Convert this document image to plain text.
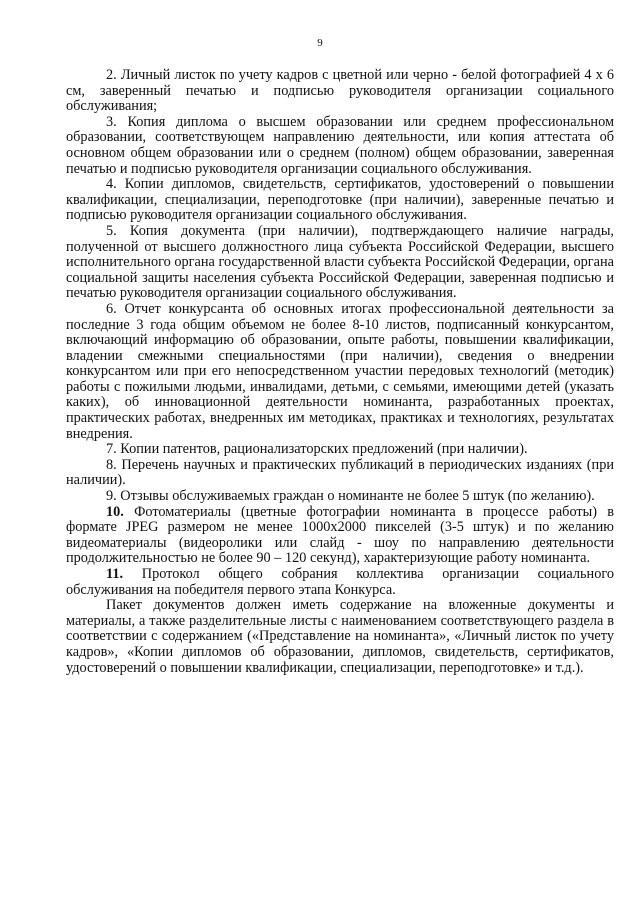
9

2. Личный листок по учету кадров с цветной или черно - белой фотографией 4 х 6 см, заверенный печатью и подписью руководителя организации социального обслуживания;

3. Копия диплома о высшем образовании или среднем профессиональном образовании, соответствующем направлению деятельности, или копия аттестата об основном общем образовании или о среднем (полном) общем образовании, заверенная печатью и подписью руководителя организации социального обслуживания.

4. Копии дипломов, свидетельств, сертификатов, удостоверений о повышении квалификации, специализации, переподготовке (при наличии), заверенные печатью и подписью руководителя организации социального обслуживания.

5. Копия документа (при наличии), подтверждающего наличие награды, полученной от высшего должностного лица субъекта Российской Федерации, высшего исполнительного органа государственной власти субъекта Российской Федерации, органа социальной защиты населения субъекта Российской Федерации, заверенная подписью и печатью руководителя организации социального обслуживания.

6. Отчет конкурсанта об основных итогах профессиональной деятельности за последние 3 года общим объемом не более 8-10 листов, подписанный конкурсантом, включающий информацию об образовании, опыте работы, повышении квалификации, владении смежными специальностями (при наличии), сведения о внедрении конкурсантом или при его непосредственном участии передовых технологий (методик) работы с пожилыми людьми, инвалидами, детьми, с семьями, имеющими детей (указать каких), об инновационной деятельности номинанта, разработанных проектах, практических работах, внедренных им методиках, практиках и технологиях, результатах внедрения.

7. Копии патентов, рационализаторских предложений (при наличии).

8. Перечень научных и практических публикаций в периодических изданиях (при наличии).

9. Отзывы обслуживаемых граждан о номинанте не более 5 штук (по желанию).

10. Фотоматериалы (цветные фотографии номинанта в процессе работы) в формате JPEG размером не менее 1000х2000 пикселей (3-5 штук) и по желанию видеоматериалы (видеоролики или слайд - шоу по направлению деятельности продолжительностью не более 90 – 120 секунд), характеризующие работу номинанта.

11. Протокол общего собрания коллектива организации социального обслуживания на победителя первого этапа Конкурса.

Пакет документов должен иметь содержание на вложенные документы и материалы, а также разделительные листы с наименованием соответствующего раздела в соответствии с содержанием («Представление на номинанта», «Личный листок по учету кадров», «Копии дипломов об образовании, дипломов, свидетельств, сертификатов, удостоверений о повышении квалификации, специализации, переподготовке» и т.д.).
